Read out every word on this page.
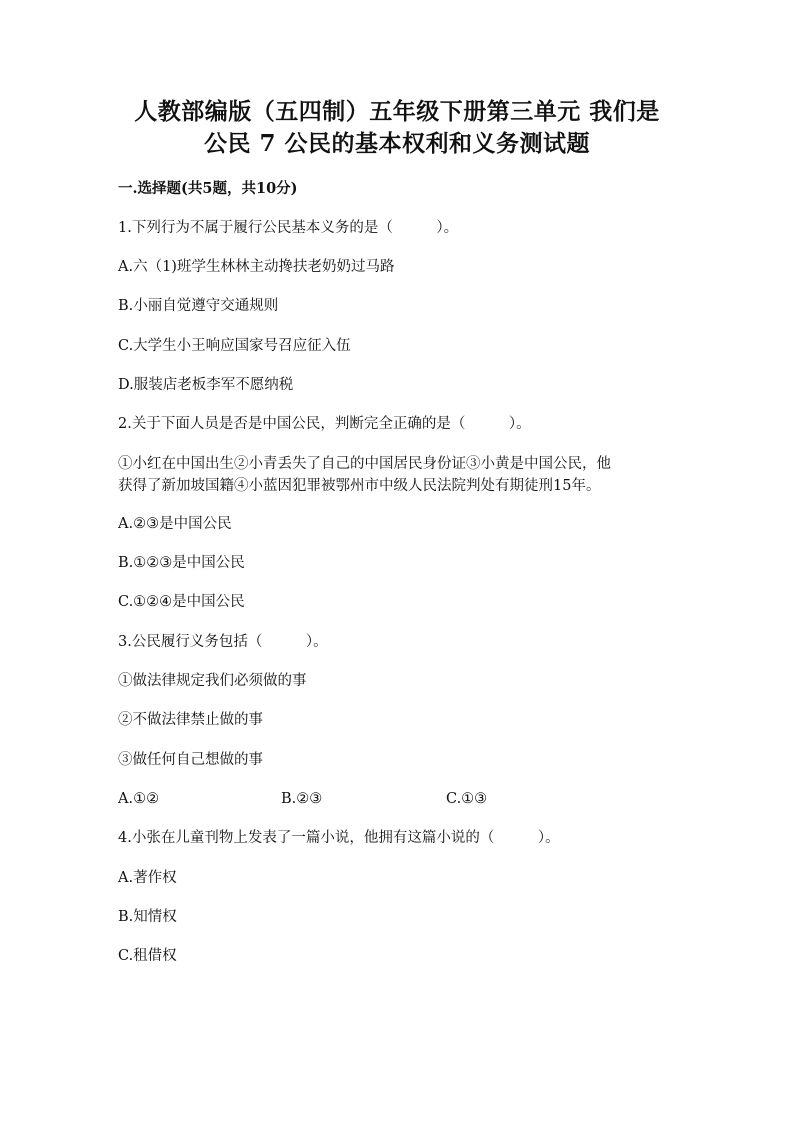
人教部编版（五四制）五年级下册第三单元 我们是
公民 7 公民的基本权利和义务测试题
一.选择题(共5题，共10分)
1.下列行为不属于履行公民基本义务的是（　　　）。
A.六（1)班学生林林主动搀扶老奶奶过马路
B.小丽自觉遵守交通规则
C.大学生小王响应国家号召应征入伍
D.服装店老板李军不愿纳税
2.关于下面人员是否是中国公民，判断完全正确的是（　　　）。
①小红在中国出生②小青丢失了自己的中国居民身份证③小黄是中国公民，他
获得了新加坡国籍④小蓝因犯罪被鄂州市中级人民法院判处有期徒刑15年。
A.②③是中国公民
B.①②③是中国公民
C.①②④是中国公民
3.公民履行义务包括（　　　）。
①做法律规定我们必须做的事
②不做法律禁止做的事
③做任何自己想做的事
A.①②	B.②③	C.①③
4.小张在儿童刊物上发表了一篇小说，他拥有这篇小说的（　　　）。
A.著作权
B.知情权
C.租借权
